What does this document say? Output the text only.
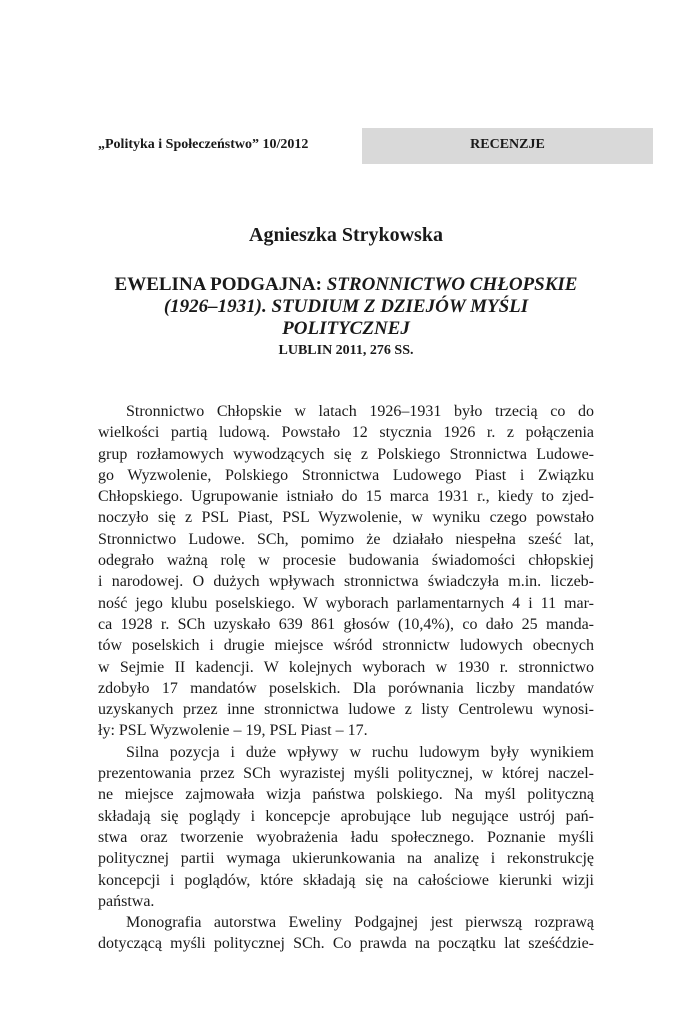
„Polityka i Społeczeństwo” 10/2012	RECENZJE
Agnieszka Strykowska
EWELINA PODGAJNA: STRONNICTWO CHŁOPSKIE
(1926–1931). STUDIUM Z DZIEJÓW MYŚLI
POLITYCZNEJ
LUBLIN 2011, 276 SS.
Stronnictwo Chłopskie w latach 1926–1931 było trzecią co do
wielkości partią ludową. Powstało 12 stycznia 1926 r. z połączenia
grup rozłamowych wywodzących się z Polskiego Stronnictwa Ludowe-
go Wyzwolenie, Polskiego Stronnictwa Ludowego Piast i Związku
Chłopskiego. Ugrupowanie istniało do 15 marca 1931 r., kiedy to zjed-
noczyło się z PSL Piast, PSL Wyzwolenie, w wyniku czego powstało
Stronnictwo Ludowe. SCh, pomimo że działało niespełna sześć lat,
odegrało ważną rolę w procesie budowania świadomości chłopskiej
i narodowej. O dużych wpływach stronnictwa świadczyła m.in. liczeb-
ność jego klubu poselskiego. W wyborach parlamentarnych 4 i 11 mar-
ca 1928 r. SCh uzyskało 639 861 głosów (10,4%), co dało 25 manda-
tów poselskich i drugie miejsce wśród stronnictw ludowych obecnych
w Sejmie II kadencji. W kolejnych wyborach w 1930 r. stronnictwo
zdobyło 17 mandatów poselskich. Dla porównania liczby mandatów
uzyskanych przez inne stronnictwa ludowe z listy Centrolewu wynosi-
ły: PSL Wyzwolenie – 19, PSL Piast – 17.
Silna pozycja i duże wpływy w ruchu ludowym były wynikiem
prezentowania przez SCh wyrazistej myśli politycznej, w której naczel-
ne miejsce zajmowała wizja państwa polskiego. Na myśl polityczną
składają się poglądy i koncepcje aprobujące lub negujące ustrój pań-
stwa oraz tworzenie wyobrażenia ładu społecznego. Poznanie myśli
politycznej partii wymaga ukierunkowania na analizę i rekonstrukcję
koncepcji i poglądów, które składają się na całościowe kierunki wizji
państwa.
Monografia autorstwa Eweliny Podgajnej jest pierwszą rozprawą
dotyczącą myśli politycznej SCh. Co prawda na początku lat sześćdzie-
